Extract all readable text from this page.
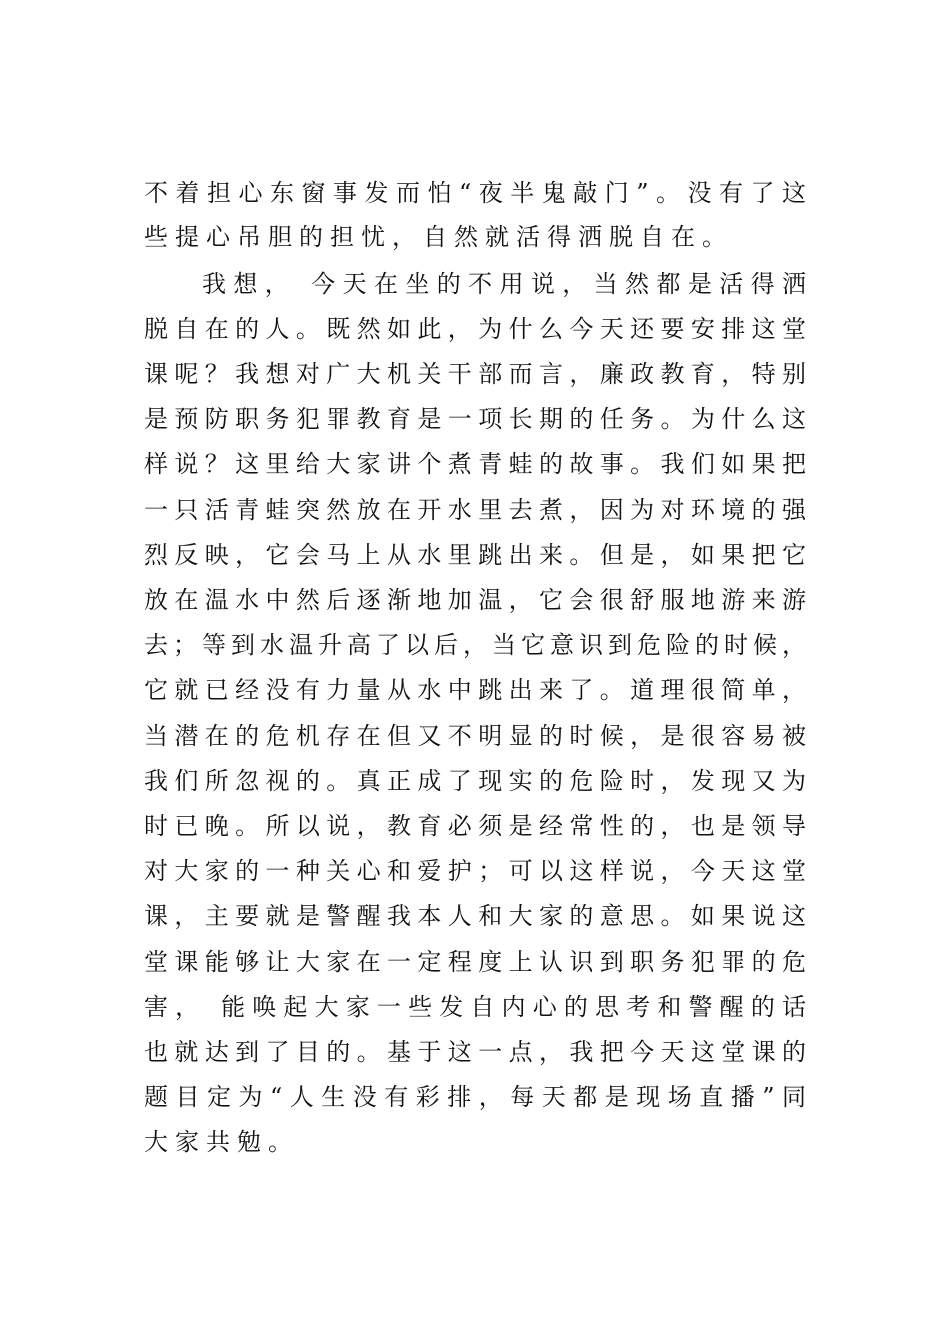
不着担心东窗事发而怕“夜半鬼敲门”。没有了这
些提心吊胆的担忧，自然就活得洒脱自在。
我想， 今天在坐的不用说，当然都是活得洒
脱自在的人。既然如此，为什么今天还要安排这堂
课呢？我想对广大机关干部而言，廉政教育，特别
是预防职务犯罪教育是一项长期的任务。为什么这
样说？这里给大家讲个煮青蛙的故事。我们如果把
一只活青蛙突然放在开水里去煮，因为对环境的强
烈反映，它会马上从水里跳出来。但是，如果把它
放在温水中然后逐渐地加温，它会很舒服地游来游
去；等到水温升高了以后，当它意识到危险的时候，
它就已经没有力量从水中跳出来了。道理很简单，
当潜在的危机存在但又不明显的时候，是很容易被
我们所忽视的。真正成了现实的危险时，发现又为
时已晚。所以说，教育必须是经常性的，也是领导
对大家的一种关心和爱护；可以这样说，今天这堂
课，主要就是警醒我本人和大家的意思。如果说这
堂课能够让大家在一定程度上认识到职务犯罪的危
害， 能唤起大家一些发自内心的思考和警醒的话
也就达到了目的。基于这一点，我把今天这堂课的
题目定为“人生没有彩排，每天都是现场直播”同
大家共勉。
